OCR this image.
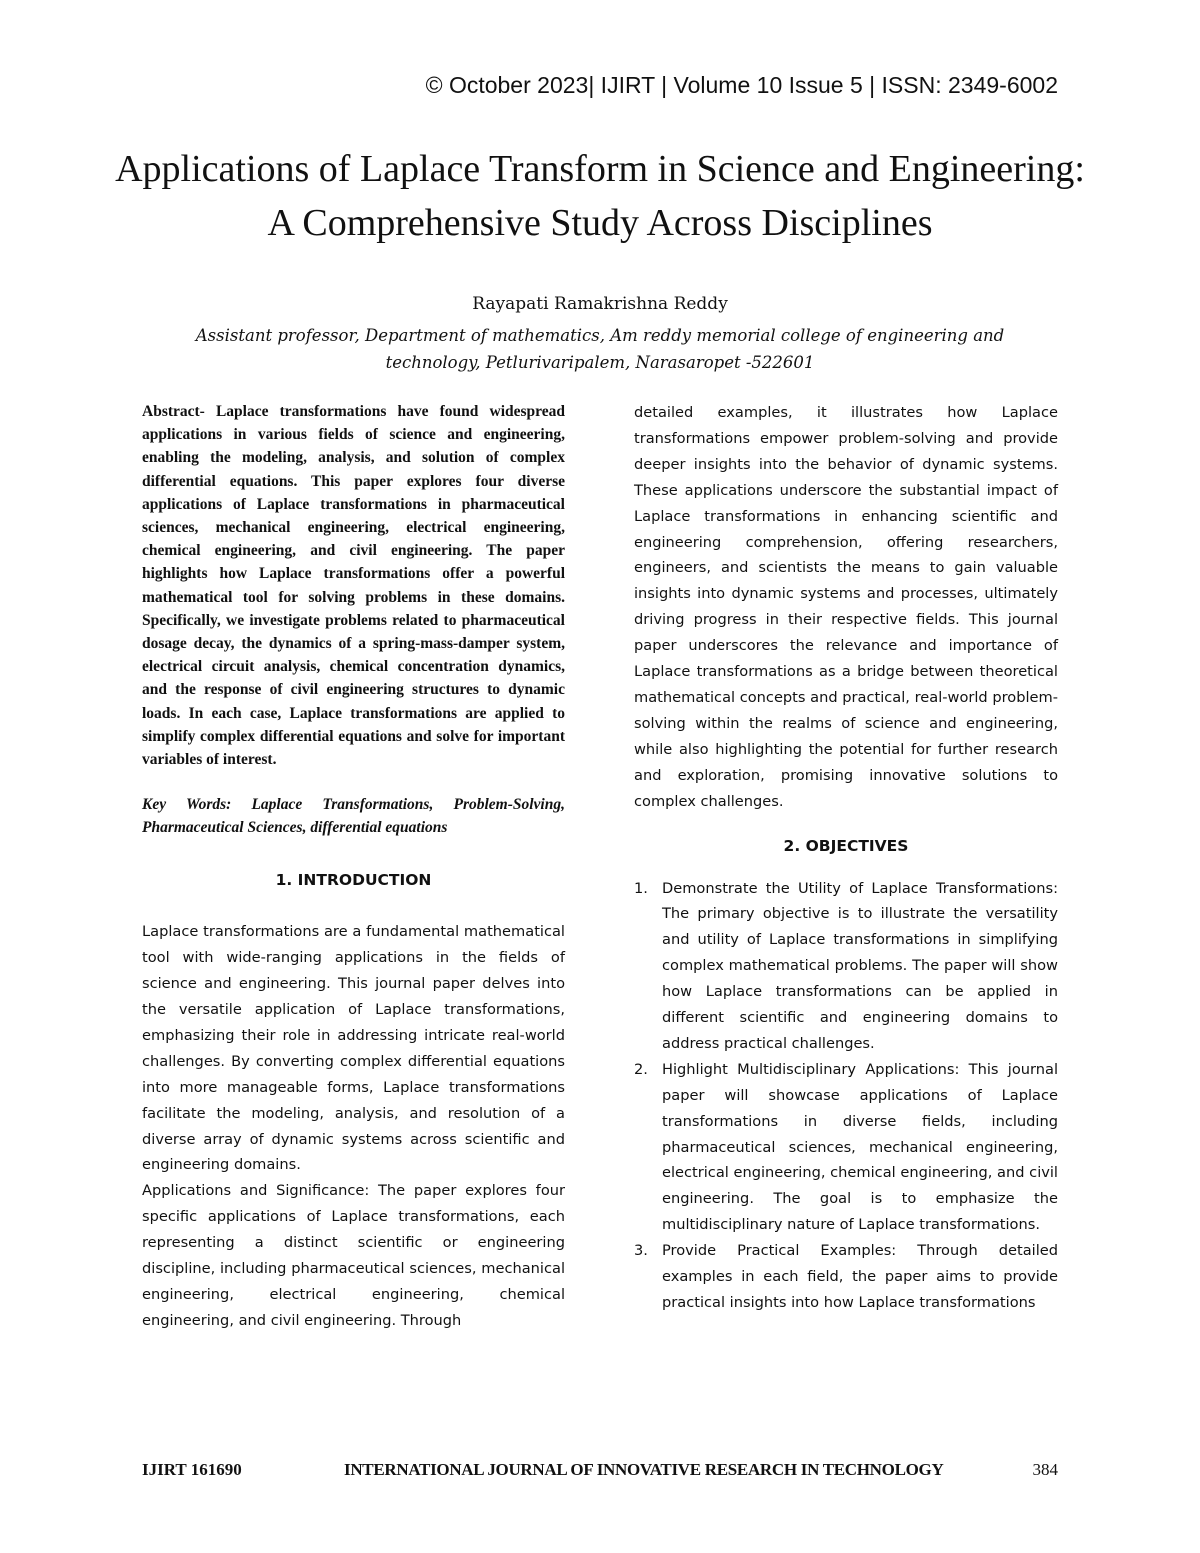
© October 2023| IJIRT | Volume 10 Issue 5 | ISSN: 2349-6002
Applications of Laplace Transform in Science and Engineering: A Comprehensive Study Across Disciplines
Rayapati Ramakrishna Reddy
Assistant professor, Department of mathematics, Am reddy memorial college of engineering and technology, Petlurivaripalem, Narasaropet -522601

Abstract- Laplace transformations have found widespread applications in various fields of science and engineering, enabling the modeling, analysis, and solution of complex differential equations. This paper explores four diverse applications of Laplace transformations in pharmaceutical sciences, mechanical engineering, electrical engineering, chemical engineering, and civil engineering. The paper highlights how Laplace transformations offer a powerful mathematical tool for solving problems in these domains. Specifically, we investigate problems related to pharmaceutical dosage decay, the dynamics of a spring-mass-damper system, electrical circuit analysis, chemical concentration dynamics, and the response of civil engineering structures to dynamic loads. In each case, Laplace transformations are applied to simplify complex differential equations and solve for important variables of interest.

Key Words: Laplace Transformations, Problem-Solving, Pharmaceutical Sciences, differential equations

1. INTRODUCTION

Laplace transformations are a fundamental mathematical tool with wide-ranging applications in the fields of science and engineering. This journal paper delves into the versatile application of Laplace transformations, emphasizing their role in addressing intricate real-world challenges. By converting complex differential equations into more manageable forms, Laplace transformations facilitate the modeling, analysis, and resolution of a diverse array of dynamic systems across scientific and engineering domains.

Applications and Significance: The paper explores four specific applications of Laplace transformations, each representing a distinct scientific or engineering discipline, including pharmaceutical sciences, mechanical engineering, electrical engineering, chemical engineering, and civil engineering. Through

detailed examples, it illustrates how Laplace transformations empower problem-solving and provide deeper insights into the behavior of dynamic systems. These applications underscore the substantial impact of Laplace transformations in enhancing scientific and engineering comprehension, offering researchers, engineers, and scientists the means to gain valuable insights into dynamic systems and processes, ultimately driving progress in their respective fields. This journal paper underscores the relevance and importance of Laplace transformations as a bridge between theoretical mathematical concepts and practical, real-world problem-solving within the realms of science and engineering, while also highlighting the potential for further research and exploration, promising innovative solutions to complex challenges.

2. OBJECTIVES
1. Demonstrate the Utility of Laplace Transformations: The primary objective is to illustrate the versatility and utility of Laplace transformations in simplifying complex mathematical problems. The paper will show how Laplace transformations can be applied in different scientific and engineering domains to address practical challenges.
2. Highlight Multidisciplinary Applications: This journal paper will showcase applications of Laplace transformations in diverse fields, including pharmaceutical sciences, mechanical engineering, electrical engineering, chemical engineering, and civil engineering. The goal is to emphasize the multidisciplinary nature of Laplace transformations.
3. Provide Practical Examples: Through detailed examples in each field, the paper aims to provide practical insights into how Laplace transformations
IJIRT 161690	INTERNATIONAL JOURNAL OF INNOVATIVE RESEARCH IN TECHNOLOGY	384
